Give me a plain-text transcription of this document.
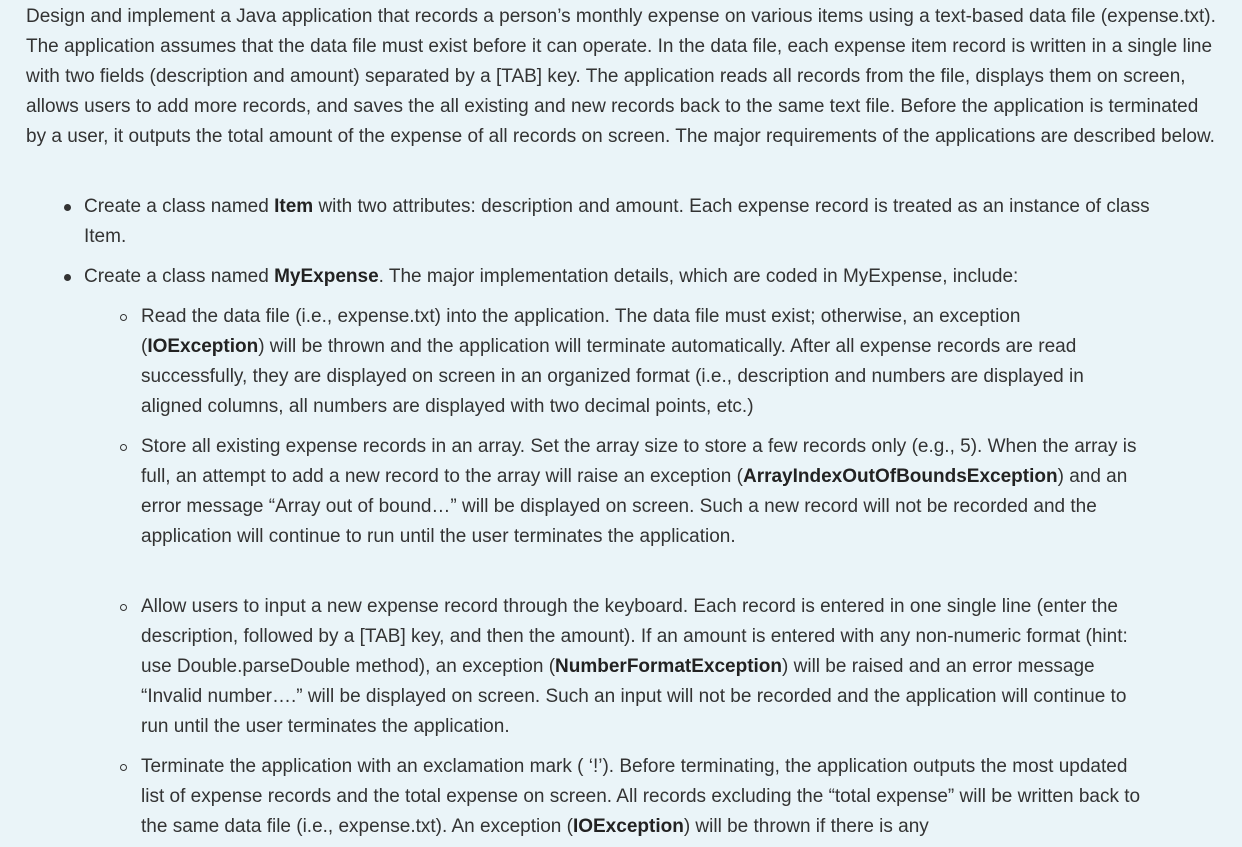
Design and implement a Java application that records a person’s monthly expense on various items using a text-based data file (expense.txt). The application assumes that the data file must exist before it can operate. In the data file, each expense item record is written in a single line with two fields (description and amount) separated by a [TAB] key. The application reads all records from the file, displays them on screen, allows users to add more records, and saves the all existing and new records back to the same text file. Before the application is terminated by a user, it outputs the total amount of the expense of all records on screen. The major requirements of the applications are described below.

Create a class named Item with two attributes: description and amount. Each expense record is treated as an instance of class Item.
Create a class named MyExpense. The major implementation details, which are coded in MyExpense, include:
Read the data file (i.e., expense.txt) into the application. The data file must exist; otherwise, an exception (IOException) will be thrown and the application will terminate automatically. After all expense records are read successfully, they are displayed on screen in an organized format (i.e., description and numbers are displayed in aligned columns, all numbers are displayed with two decimal points, etc.)
Store all existing expense records in an array. Set the array size to store a few records only (e.g., 5). When the array is full, an attempt to add a new record to the array will raise an exception (ArrayIndexOutOfBoundsException) and an error message “Array out of bound…” will be displayed on screen. Such a new record will not be recorded and the application will continue to run until the user terminates the application.
Allow users to input a new expense record through the keyboard. Each record is entered in one single line (enter the description, followed by a [TAB] key, and then the amount). If an amount is entered with any non-numeric format (hint: use Double.parseDouble method), an exception (NumberFormatException) will be raised and an error message “Invalid number….” will be displayed on screen. Such an input will not be recorded and the application will continue to run until the user terminates the application.
Terminate the application with an exclamation mark ( ‘!’). Before terminating, the application outputs the most updated list of expense records and the total expense on screen. All records excluding the “total expense” will be written back to the same data file (i.e., expense.txt). An exception (IOException) will be thrown if there is any
